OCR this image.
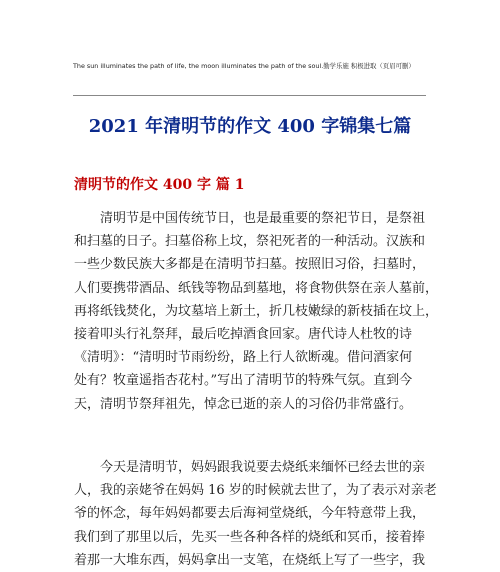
The sun illuminates the path of life, the moon illuminates the path of the soul.勤学乐施 积极进取（页眉可删）
2021 年清明节的作文 400 字锦集七篇
清明节的作文 400 字 篇 1
　　清明节是中国传统节日，也是最重要的祭祀节日，是祭祖
和扫墓的日子。扫墓俗称上坟，祭祀死者的一种活动。汉族和
一些少数民族大多都是在清明节扫墓。按照旧习俗，扫墓时，
人们要携带酒品、纸钱等物品到墓地，将食物供祭在亲人墓前，
再将纸钱焚化，为坟墓培上新土，折几枝嫩绿的新枝插在坟上，
接着叩头行礼祭拜，最后吃掉酒食回家。唐代诗人杜牧的诗
《清明》：“清明时节雨纷纷，路上行人欲断魂。借问酒家何
处有？牧童遥指杏花村。”写出了清明节的特殊气氛。直到今
天，清明节祭拜祖先，悼念已逝的亲人的习俗仍非常盛行。
　　今天是清明节，妈妈跟我说要去烧纸来缅怀已经去世的亲
人，我的亲姥爷在妈妈 16 岁的时候就去世了，为了表示对亲老
爷的怀念，每年妈妈都要去后海祠堂烧纸，今年特意带上我，
我们到了那里以后，先买一些各种各样的烧纸和冥币，接着捧
着那一大堆东西，妈妈拿出一支笔，在烧纸上写了一些字，我
